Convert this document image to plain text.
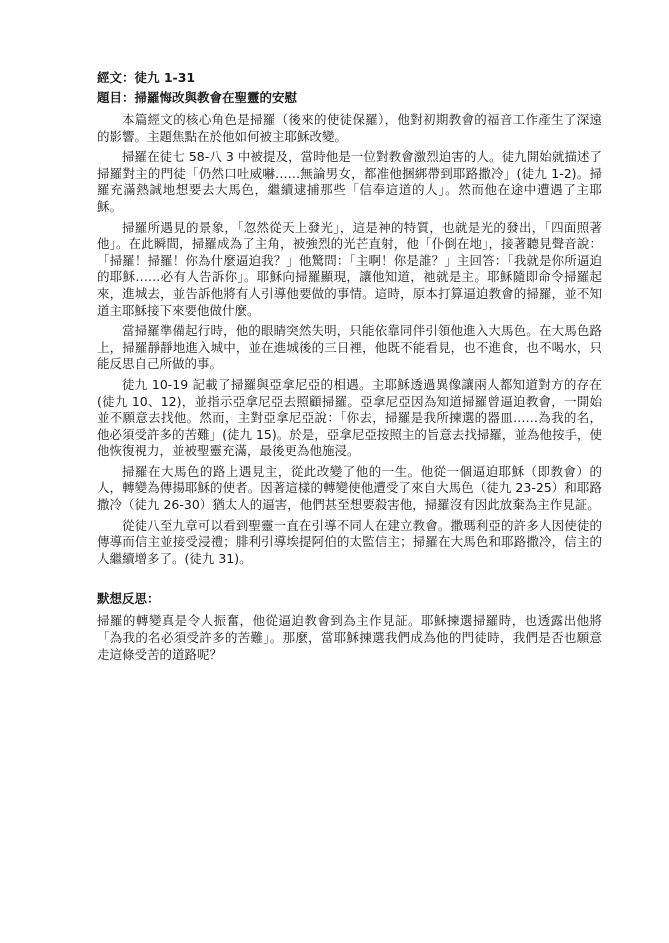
經文：徒九 1-31

題目：掃羅悔改與教會在聖靈的安慰

本篇經文的核心角色是掃羅（後來的使徒保羅），他對初期教會的福音工作產生了深遠的影響。主題焦點在於他如何被主耶穌改變。

掃羅在徒七 58-八 3 中被提及，當時他是一位對教會激烈迫害的人。徒九開始就描述了掃羅對主的門徒「仍然口吐威嚇……無論男女，都准他捆綁帶到耶路撒冷」(徒九 1-2)。掃羅充滿熱誠地想要去大馬色，繼續逮捕那些「信奉這道的人」。然而他在途中遭遇了主耶穌。

掃羅所遇見的景象，「忽然從天上發光」，這是神的特質，也就是光的發出，「四面照著他」。在此瞬間，掃羅成為了主角，被強烈的光芒直射，他「仆倒在地」，接著聽見聲音說：「掃羅！掃羅！你為什麼逼迫我？」他驚問：「主啊！你是誰？」主回答：「我就是你所逼迫的耶穌……必有人告訴你」。耶穌向掃羅顯現，讓他知道，祂就是主。耶穌隨即命令掃羅起來，進城去，並告訴他將有人引導他要做的事情。這時，原本打算逼迫教會的掃羅，並不知道主耶穌接下來要他做什麼。

當掃羅準備起行時，他的眼睛突然失明，只能依靠同伴引領他進入大馬色。在大馬色路上，掃羅靜靜地進入城中，並在進城後的三日裡，他既不能看見，也不進食，也不喝水，只能反思自己所做的事。

徒九 10-19 記載了掃羅與亞拿尼亞的相遇。主耶穌透過異像讓兩人都知道對方的存在(徒九 10、12)，並指示亞拿尼亞去照顧掃羅。亞拿尼亞因為知道掃羅曾逼迫教會，一開始並不願意去找他。然而，主對亞拿尼亞說：「你去，掃羅是我所揀選的器皿……為我的名，他必須受許多的苦難」(徒九 15)。於是，亞拿尼亞按照主的旨意去找掃羅，並為他按手，使他恢復視力，並被聖靈充滿，最後更為他施浸。

掃羅在大馬色的路上遇見主，從此改變了他的一生。他從一個逼迫耶穌（即教會）的人，轉變為傳揚耶穌的使者。因著這樣的轉變使他遭受了來自大馬色（徒九 23-25）和耶路撒冷（徒九 26-30）猶太人的逼害，他們甚至想要殺害他，掃羅沒有因此放棄為主作見証。

從徒八至九章可以看到聖靈一直在引導不同人在建立教會。撒瑪利亞的許多人因使徒的傳導而信主並接受浸禮；腓利引導埃提阿伯的太監信主；掃羅在大馬色和耶路撒冷，信主的人繼續增多了。(徒九 31)。

默想反思：

掃羅的轉變真是令人振奮，他從逼迫教會到為主作見証。耶穌揀選掃羅時，也透露出他將「為我的名必須受許多的苦難」。那麼，當耶穌揀選我們成為他的門徒時，我們是否也願意走這條受苦的道路呢？
